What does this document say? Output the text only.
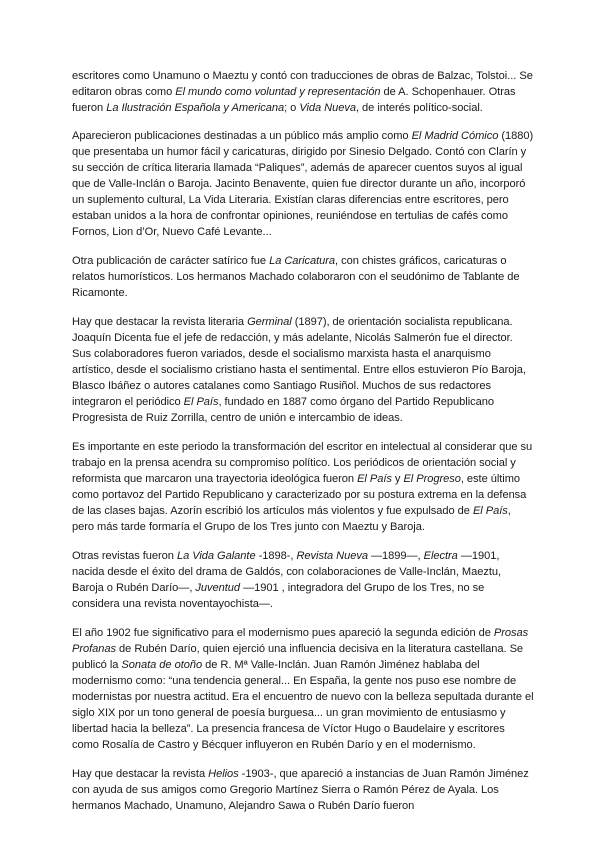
escritores como Unamuno o Maeztu y contó con traducciones de obras de Balzac, Tolstoi... Se editaron obras como El mundo como voluntad y representación de A. Schopenhauer. Otras fueron La Ilustración Española y Americana; o Vida Nueva, de interés político-social.

Aparecieron publicaciones destinadas a un público más amplio como El Madrid Cómico (1880) que presentaba un humor fácil y caricaturas, dirigido por Sinesio Delgado. Contó con Clarín y su sección de crítica literaria llamada “Paliques”, además de aparecer cuentos suyos al igual que de Valle-Inclán o Baroja. Jacinto Benavente, quien fue director durante un año, incorporó un suplemento cultural, La Vida Literaria. Existían claras diferencias entre escritores, pero estaban unidos a la hora de confrontar opiniones, reuniéndose en tertulias de cafés como Fornos, Lion d’Or, Nuevo Café Levante...

Otra publicación de carácter satírico fue La Caricatura, con chistes gráficos, caricaturas o relatos humorísticos. Los hermanos Machado colaboraron con el seudónimo de Tablante de Ricamonte.

Hay que destacar la revista literaria Germinal (1897), de orientación socialista republicana. Joaquín Dicenta fue el jefe de redacción, y más adelante, Nicolás Salmerón fue el director. Sus colaboradores fueron variados, desde el socialismo marxista hasta el anarquismo artístico, desde el socialismo cristiano hasta el sentimental. Entre ellos estuvieron Pío Baroja, Blasco Ibáñez o autores catalanes como Santiago Rusiñol. Muchos de sus redactores integraron el periódico El País, fundado en 1887 como órgano del Partido Republicano Progresista de Ruiz Zorrilla, centro de unión e intercambio de ideas.

Es importante en este periodo la transformación del escritor en intelectual al considerar que su trabajo en la prensa acendra su compromiso político. Los periódicos de orientación social y reformista que marcaron una trayectoria ideológica fueron El País y El Progreso, este último como portavoz del Partido Republicano y caracterizado por su postura extrema en la defensa de las clases bajas. Azorín escribió los artículos más violentos y fue expulsado de El País, pero más tarde formaría el Grupo de los Tres junto con Maeztu y Baroja.

Otras revistas fueron La Vida Galante -1898-, Revista Nueva —1899—, Electra —1901, nacida desde el éxito del drama de Galdós, con colaboraciones de Valle-Inclán, Maeztu, Baroja o Rubén Darío—, Juventud —1901 , integradora del Grupo de los Tres, no se considera una revista noventayochista—.

El año 1902 fue significativo para el modernismo pues apareció la segunda edición de Prosas Profanas de Rubén Darío, quien ejerció una influencia decisiva en la literatura castellana. Se publicó la Sonata de otoño de R. Mª Valle-Inclán. Juan Ramón Jiménez hablaba del modernismo como: “una tendencia general... En España, la gente nos puso ese nombre de modernistas por nuestra actitud. Era el encuentro de nuevo con la belleza sepultada durante el siglo XIX por un tono general de poesía burguesa... un gran movimiento de entusiasmo y libertad hacia la belleza”. La presencia francesa de Víctor Hugo o Baudelaire y escritores como Rosalía de Castro y Bécquer influyeron en Rubén Darío y en el modernismo.

Hay que destacar la revista Helios -1903-, que apareció a instancias de Juan Ramón Jiménez con ayuda de sus amigos como Gregorio Martínez Sierra o Ramón Pérez de Ayala. Los hermanos Machado, Unamuno, Alejandro Sawa o Rubén Darío fueron
